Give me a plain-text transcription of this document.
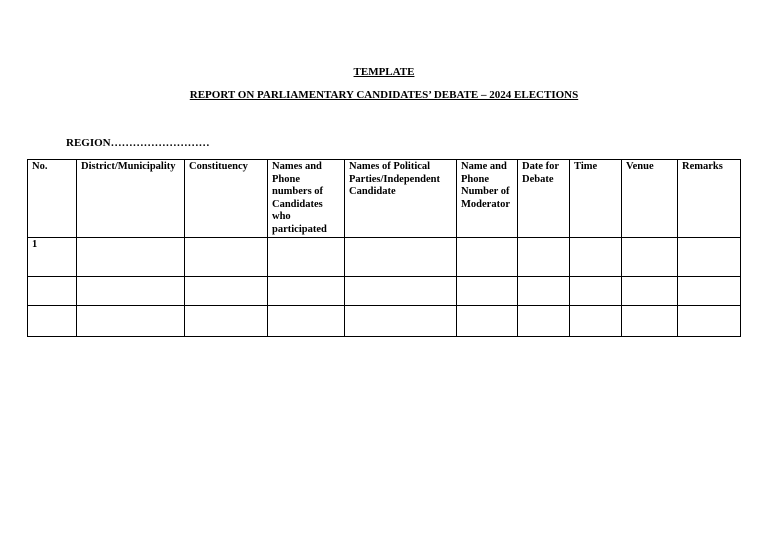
TEMPLATE
REPORT ON PARLIAMENTARY CANDIDATES’ DEBATE – 2024 ELECTIONS
REGION………………………
No.	District/Municipality	Constituency	Names and Phone numbers of Candidates who participated	Names of Political Parties/Independent Candidate	Name and Phone Number of Moderator	Date for Debate	Time	Venue	Remarks
1									
